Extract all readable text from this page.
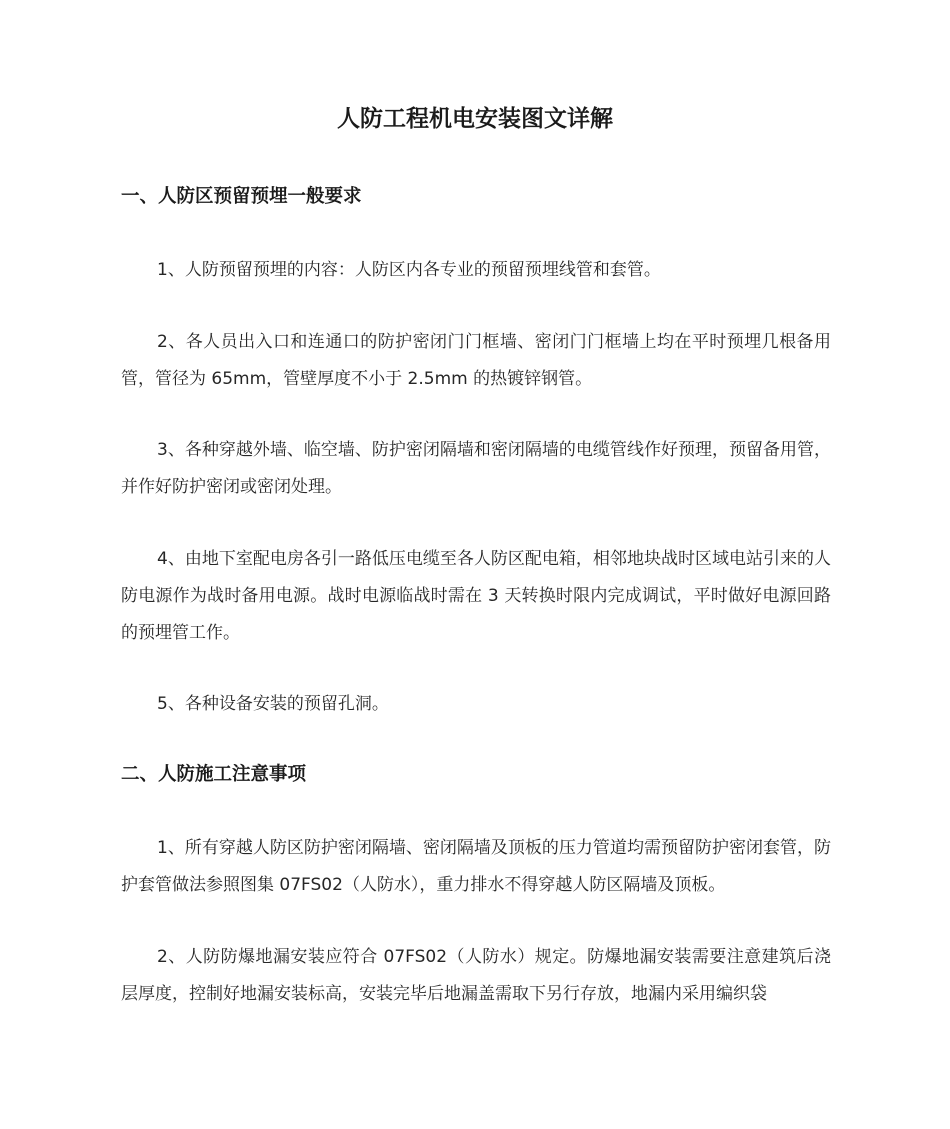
人防工程机电安装图文详解
一、人防区预留预埋一般要求
1、人防预留预埋的内容：人防区内各专业的预留预埋线管和套管。
2、各人员出入口和连通口的防护密闭门门框墙、密闭门门框墙上均在平时预埋几根备用管，管径为 65mm，管壁厚度不小于 2.5mm 的热镀锌钢管。
3、各种穿越外墙、临空墙、防护密闭隔墙和密闭隔墙的电缆管线作好预理，预留备用管，并作好防护密闭或密闭处理。
4、由地下室配电房各引一路低压电缆至各人防区配电箱，相邻地块战时区域电站引来的人防电源作为战时备用电源。战时电源临战时需在 3 天转换时限内完成调试，平时做好电源回路的预埋管工作。
5、各种设备安装的预留孔洞。
二、人防施工注意事项
1、所有穿越人防区防护密闭隔墙、密闭隔墙及顶板的压力管道均需预留防护密闭套管，防护套管做法参照图集 07FS02（人防水），重力排水不得穿越人防区隔墙及顶板。
2、人防防爆地漏安装应符合 07FS02（人防水）规定。防爆地漏安装需要注意建筑后浇层厚度，控制好地漏安装标高，安装完毕后地漏盖需取下另行存放，地漏内采用编织袋
